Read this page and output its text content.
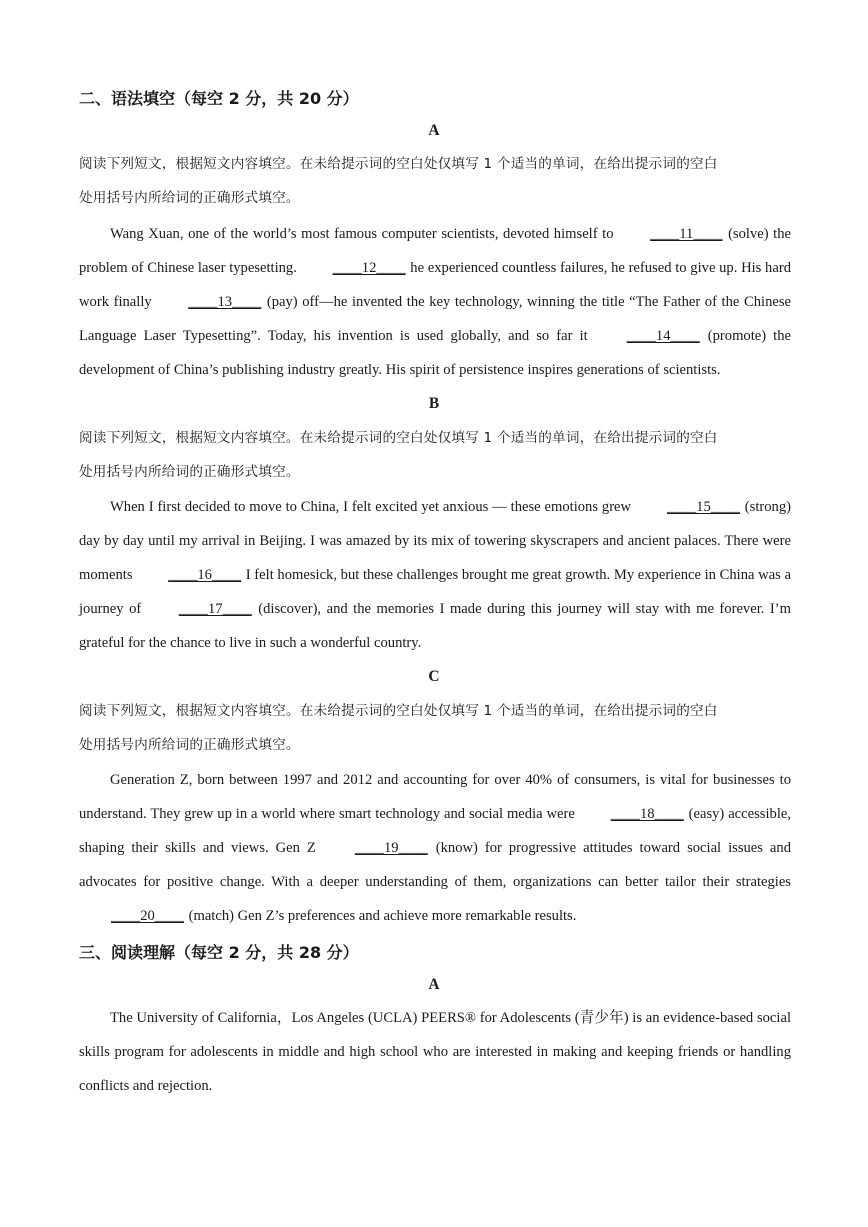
二、语法填空（每空 2 分，共 20 分）
A
阅读下列短文，根据短文内容填空。在未给提示词的空白处仅填写 1 个适当的单词，在给出提示词的空白
处用括号内所给词的正确形式填空。

Wang Xuan, one of the world’s most famous computer scientists, devoted himself to ____11____ (solve) the problem of Chinese laser typesetting. ____12____ he experienced countless failures, he refused to give up. His hard work finally ____13____ (pay) off—he invented the key technology, winning the title “The Father of the Chinese Language Laser Typesetting”. Today, his invention is used globally, and so far it ____14____ (promote) the development of China’s publishing industry greatly. His spirit of persistence inspires generations of scientists.

B
阅读下列短文，根据短文内容填空。在未给提示词的空白处仅填写 1 个适当的单词，在给出提示词的空白
处用括号内所给词的正确形式填空。

When I first decided to move to China, I felt excited yet anxious — these emotions grew ____15____ (strong) day by day until my arrival in Beijing. I was amazed by its mix of towering skyscrapers and ancient palaces. There were moments ____16____ I felt homesick, but these challenges brought me great growth. My experience in China was a journey of ____17____ (discover), and the memories I made during this journey will stay with me forever. I’m grateful for the chance to live in such a wonderful country.

C
阅读下列短文，根据短文内容填空。在未给提示词的空白处仅填写 1 个适当的单词，在给出提示词的空白
处用括号内所给词的正确形式填空。

Generation Z, born between 1997 and 2012 and accounting for over 40% of consumers, is vital for businesses to understand. They grew up in a world where smart technology and social media were ____18____ (easy) accessible, shaping their skills and views. Gen Z ____19____ (know) for progressive attitudes toward social issues and advocates for positive change. With a deeper understanding of them, organizations can better tailor their strategies ____20____ (match) Gen Z’s preferences and achieve more remarkable results.

三、阅读理解（每空 2 分，共 28 分）
A

The University of California，Los Angeles (UCLA) PEERS® for Adolescents (青少年) is an evidence-based social skills program for adolescents in middle and high school who are interested in making and keeping friends or handling conflicts and rejection.
